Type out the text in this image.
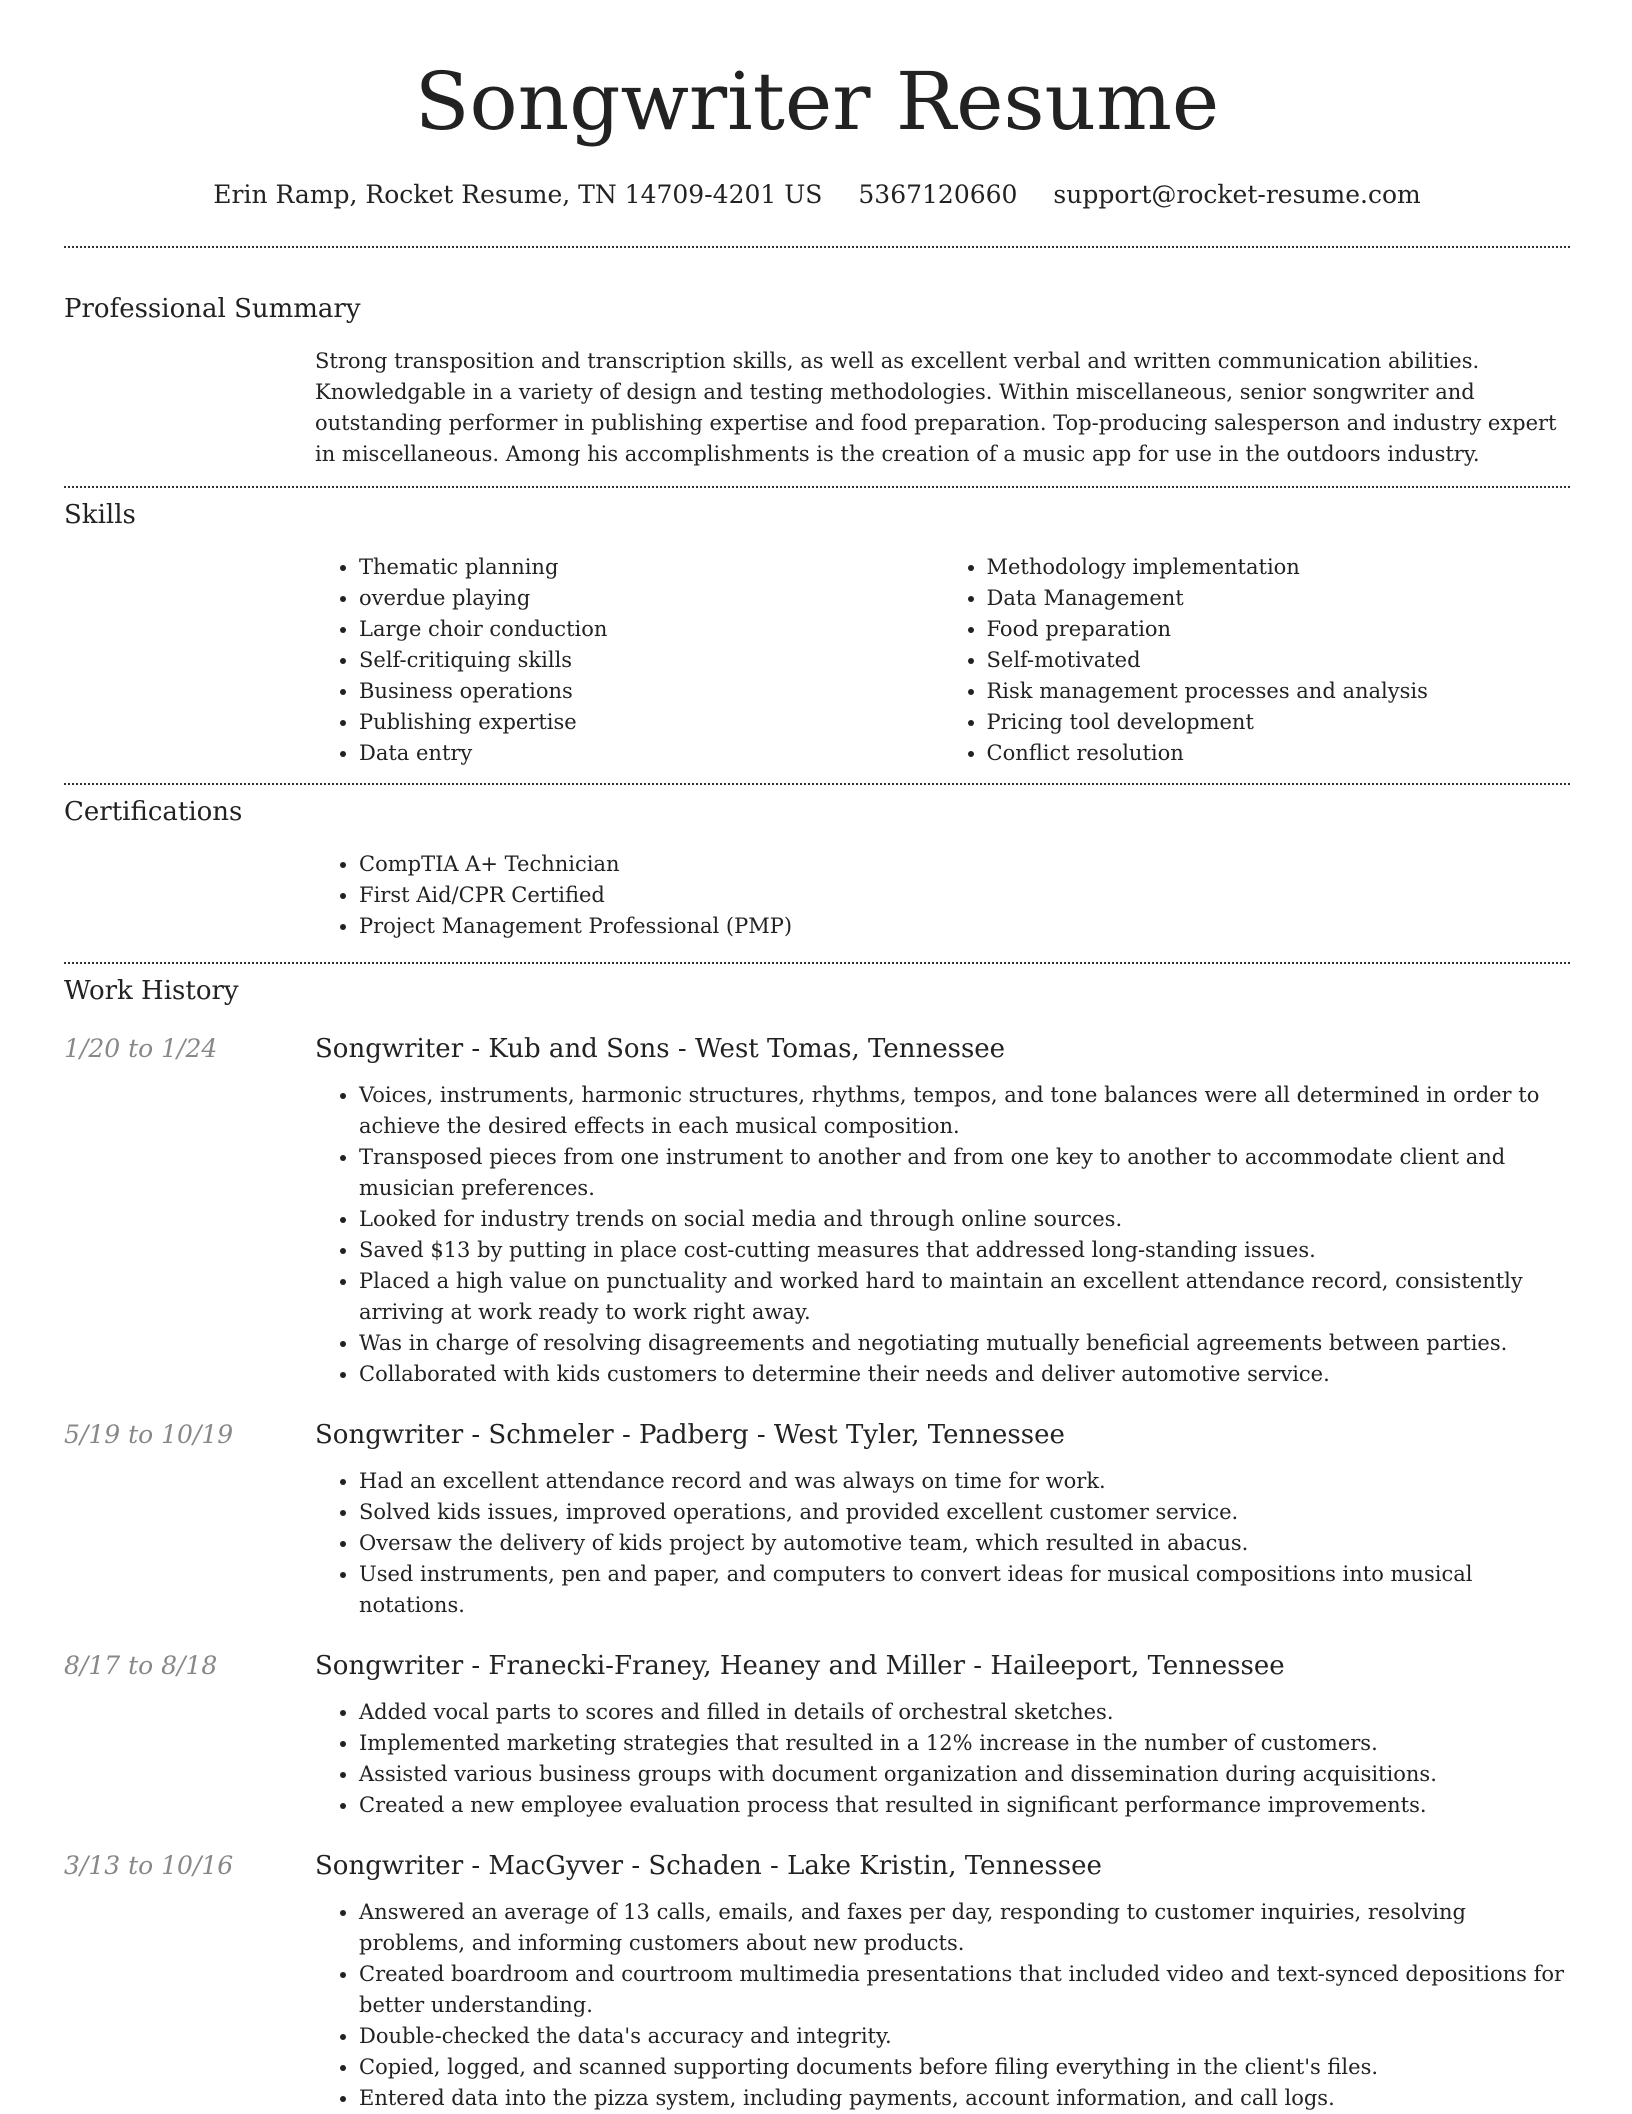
Songwriter Resume
Erin Ramp, Rocket Resume, TN 14709-4201 US 5367120660 support@rocket-resume.com
Professional Summary
Strong transposition and transcription skills, as well as excellent verbal and written communication abilities. Knowledgable in a variety of design and testing methodologies. Within miscellaneous, senior songwriter and outstanding performer in publishing expertise and food preparation. Top-producing salesperson and industry expert in miscellaneous. Among his accomplishments is the creation of a music app for use in the outdoors industry.
Skills
• Thematic planning
• overdue playing
• Large choir conduction
• Self-critiquing skills
• Business operations
• Publishing expertise
• Data entry
• Methodology implementation
• Data Management
• Food preparation
• Self-motivated
• Risk management processes and analysis
• Pricing tool development
• Conflict resolution
Certifications
• CompTIA A+ Technician
• First Aid/CPR Certified
• Project Management Professional (PMP)
Work History
1/20 to 1/24	Songwriter - Kub and Sons - West Tomas, Tennessee
• Voices, instruments, harmonic structures, rhythms, tempos, and tone balances were all determined in order to achieve the desired effects in each musical composition.
• Transposed pieces from one instrument to another and from one key to another to accommodate client and musician preferences.
• Looked for industry trends on social media and through online sources.
• Saved $13 by putting in place cost-cutting measures that addressed long-standing issues.
• Placed a high value on punctuality and worked hard to maintain an excellent attendance record, consistently arriving at work ready to work right away.
• Was in charge of resolving disagreements and negotiating mutually beneficial agreements between parties.
• Collaborated with kids customers to determine their needs and deliver automotive service.
5/19 to 10/19	Songwriter - Schmeler - Padberg - West Tyler, Tennessee
• Had an excellent attendance record and was always on time for work.
• Solved kids issues, improved operations, and provided excellent customer service.
• Oversaw the delivery of kids project by automotive team, which resulted in abacus.
• Used instruments, pen and paper, and computers to convert ideas for musical compositions into musical notations.
8/17 to 8/18	Songwriter - Franecki-Franey, Heaney and Miller - Haileeport, Tennessee
• Added vocal parts to scores and filled in details of orchestral sketches.
• Implemented marketing strategies that resulted in a 12% increase in the number of customers.
• Assisted various business groups with document organization and dissemination during acquisitions.
• Created a new employee evaluation process that resulted in significant performance improvements.
3/13 to 10/16	Songwriter - MacGyver - Schaden - Lake Kristin, Tennessee
• Answered an average of 13 calls, emails, and faxes per day, responding to customer inquiries, resolving problems, and informing customers about new products.
• Created boardroom and courtroom multimedia presentations that included video and text-synced depositions for better understanding.
• Double-checked the data's accuracy and integrity.
• Copied, logged, and scanned supporting documents before filing everything in the client's files.
• Entered data into the pizza system, including payments, account information, and call logs.
